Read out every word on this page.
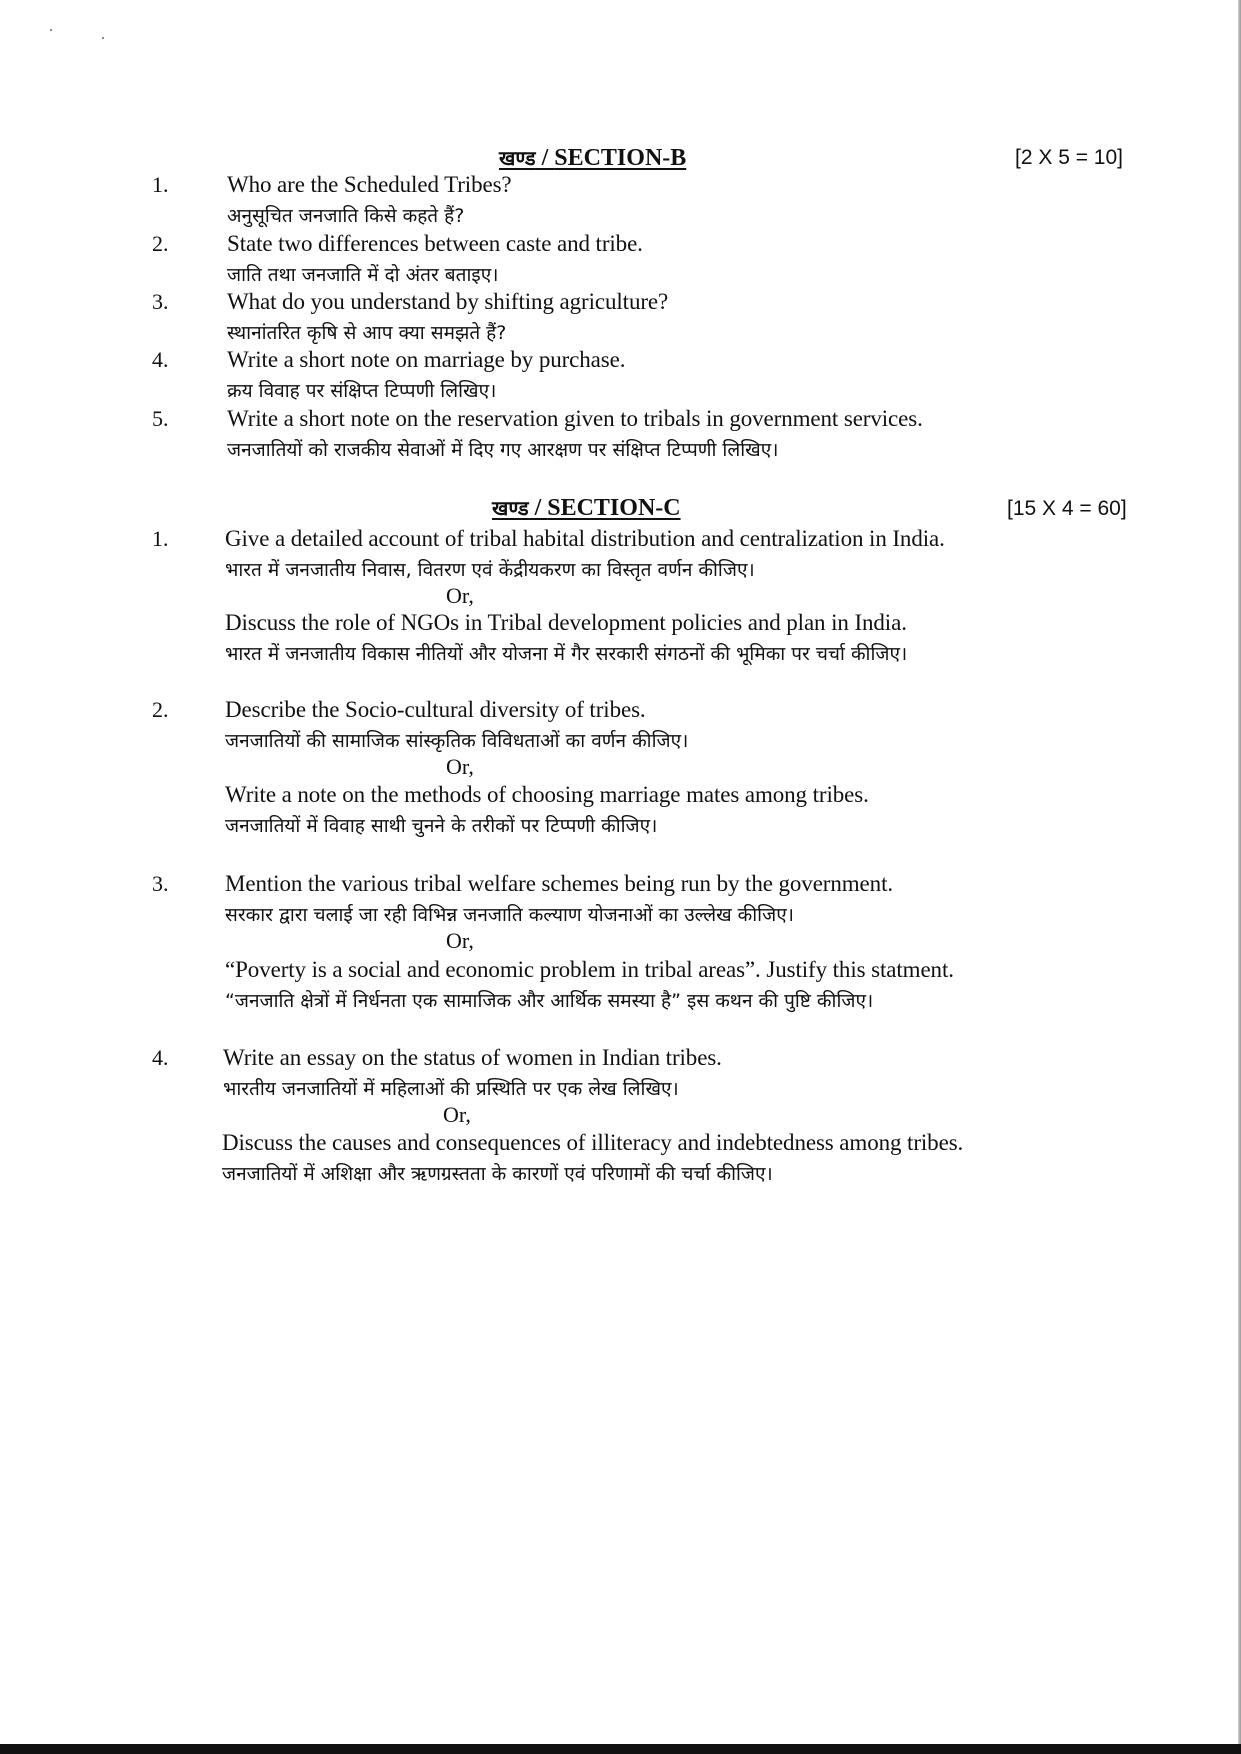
खण्ड / SECTION-B	[2 X 5 = 10]
1.	Who are the Scheduled Tribes?
अनुसूचित जनजाति किसे कहते हैं?
2.	State two differences between caste and tribe.
जाति तथा जनजाति में दो अंतर बताइए।
3.	What do you understand by shifting agriculture?
स्थानांतरित कृषि से आप क्या समझते हैं?
4.	Write a short note on marriage by purchase.
क्रय विवाह पर संक्षिप्त टिप्पणी लिखिए।
5.	Write a short note on the reservation given to tribals in government services.
जनजातियों को राजकीय सेवाओं में दिए गए आरक्षण पर संक्षिप्त टिप्पणी लिखिए।
खण्ड / SECTION-C	[15 X 4 = 60]
1. Give a detailed account of tribal habital distribution and centralization in India.
भारत में जनजातीय निवास, वितरण एवं केंद्रीयकरण का विस्तृत वर्णन कीजिए।
Or,
Discuss the role of NGOs in Tribal development policies and plan in India.
भारत में जनजातीय विकास नीतियों और योजना में गैर सरकारी संगठनों की भूमिका पर चर्चा कीजिए।
2. Describe the Socio-cultural diversity of tribes.
जनजातियों की सामाजिक सांस्कृतिक विविधताओं का वर्णन कीजिए।
Or,
Write a note on the methods of choosing marriage mates among tribes.
जनजातियों में विवाह साथी चुनने के तरीकों पर टिप्पणी कीजिए।
3. Mention the various tribal welfare schemes being run by the government.
सरकार द्वारा चलाई जा रही विभिन्न जनजाति कल्याण योजनाओं का उल्लेख कीजिए।
Or,
“Poverty is a social and economic problem in tribal areas”. Justify this statment.
“जनजाति क्षेत्रों में निर्धनता एक सामाजिक और आर्थिक समस्या है” इस कथन की पुष्टि कीजिए।
4. Write an essay on the status of women in Indian tribes.
भारतीय जनजातियों में महिलाओं की प्रस्थिति पर एक लेख लिखिए।
Or,
Discuss the causes and consequences of illiteracy and indebtedness among tribes.
जनजातियों में अशिक्षा और ऋणग्रस्तता के कारणों एवं परिणामों की चर्चा कीजिए।
